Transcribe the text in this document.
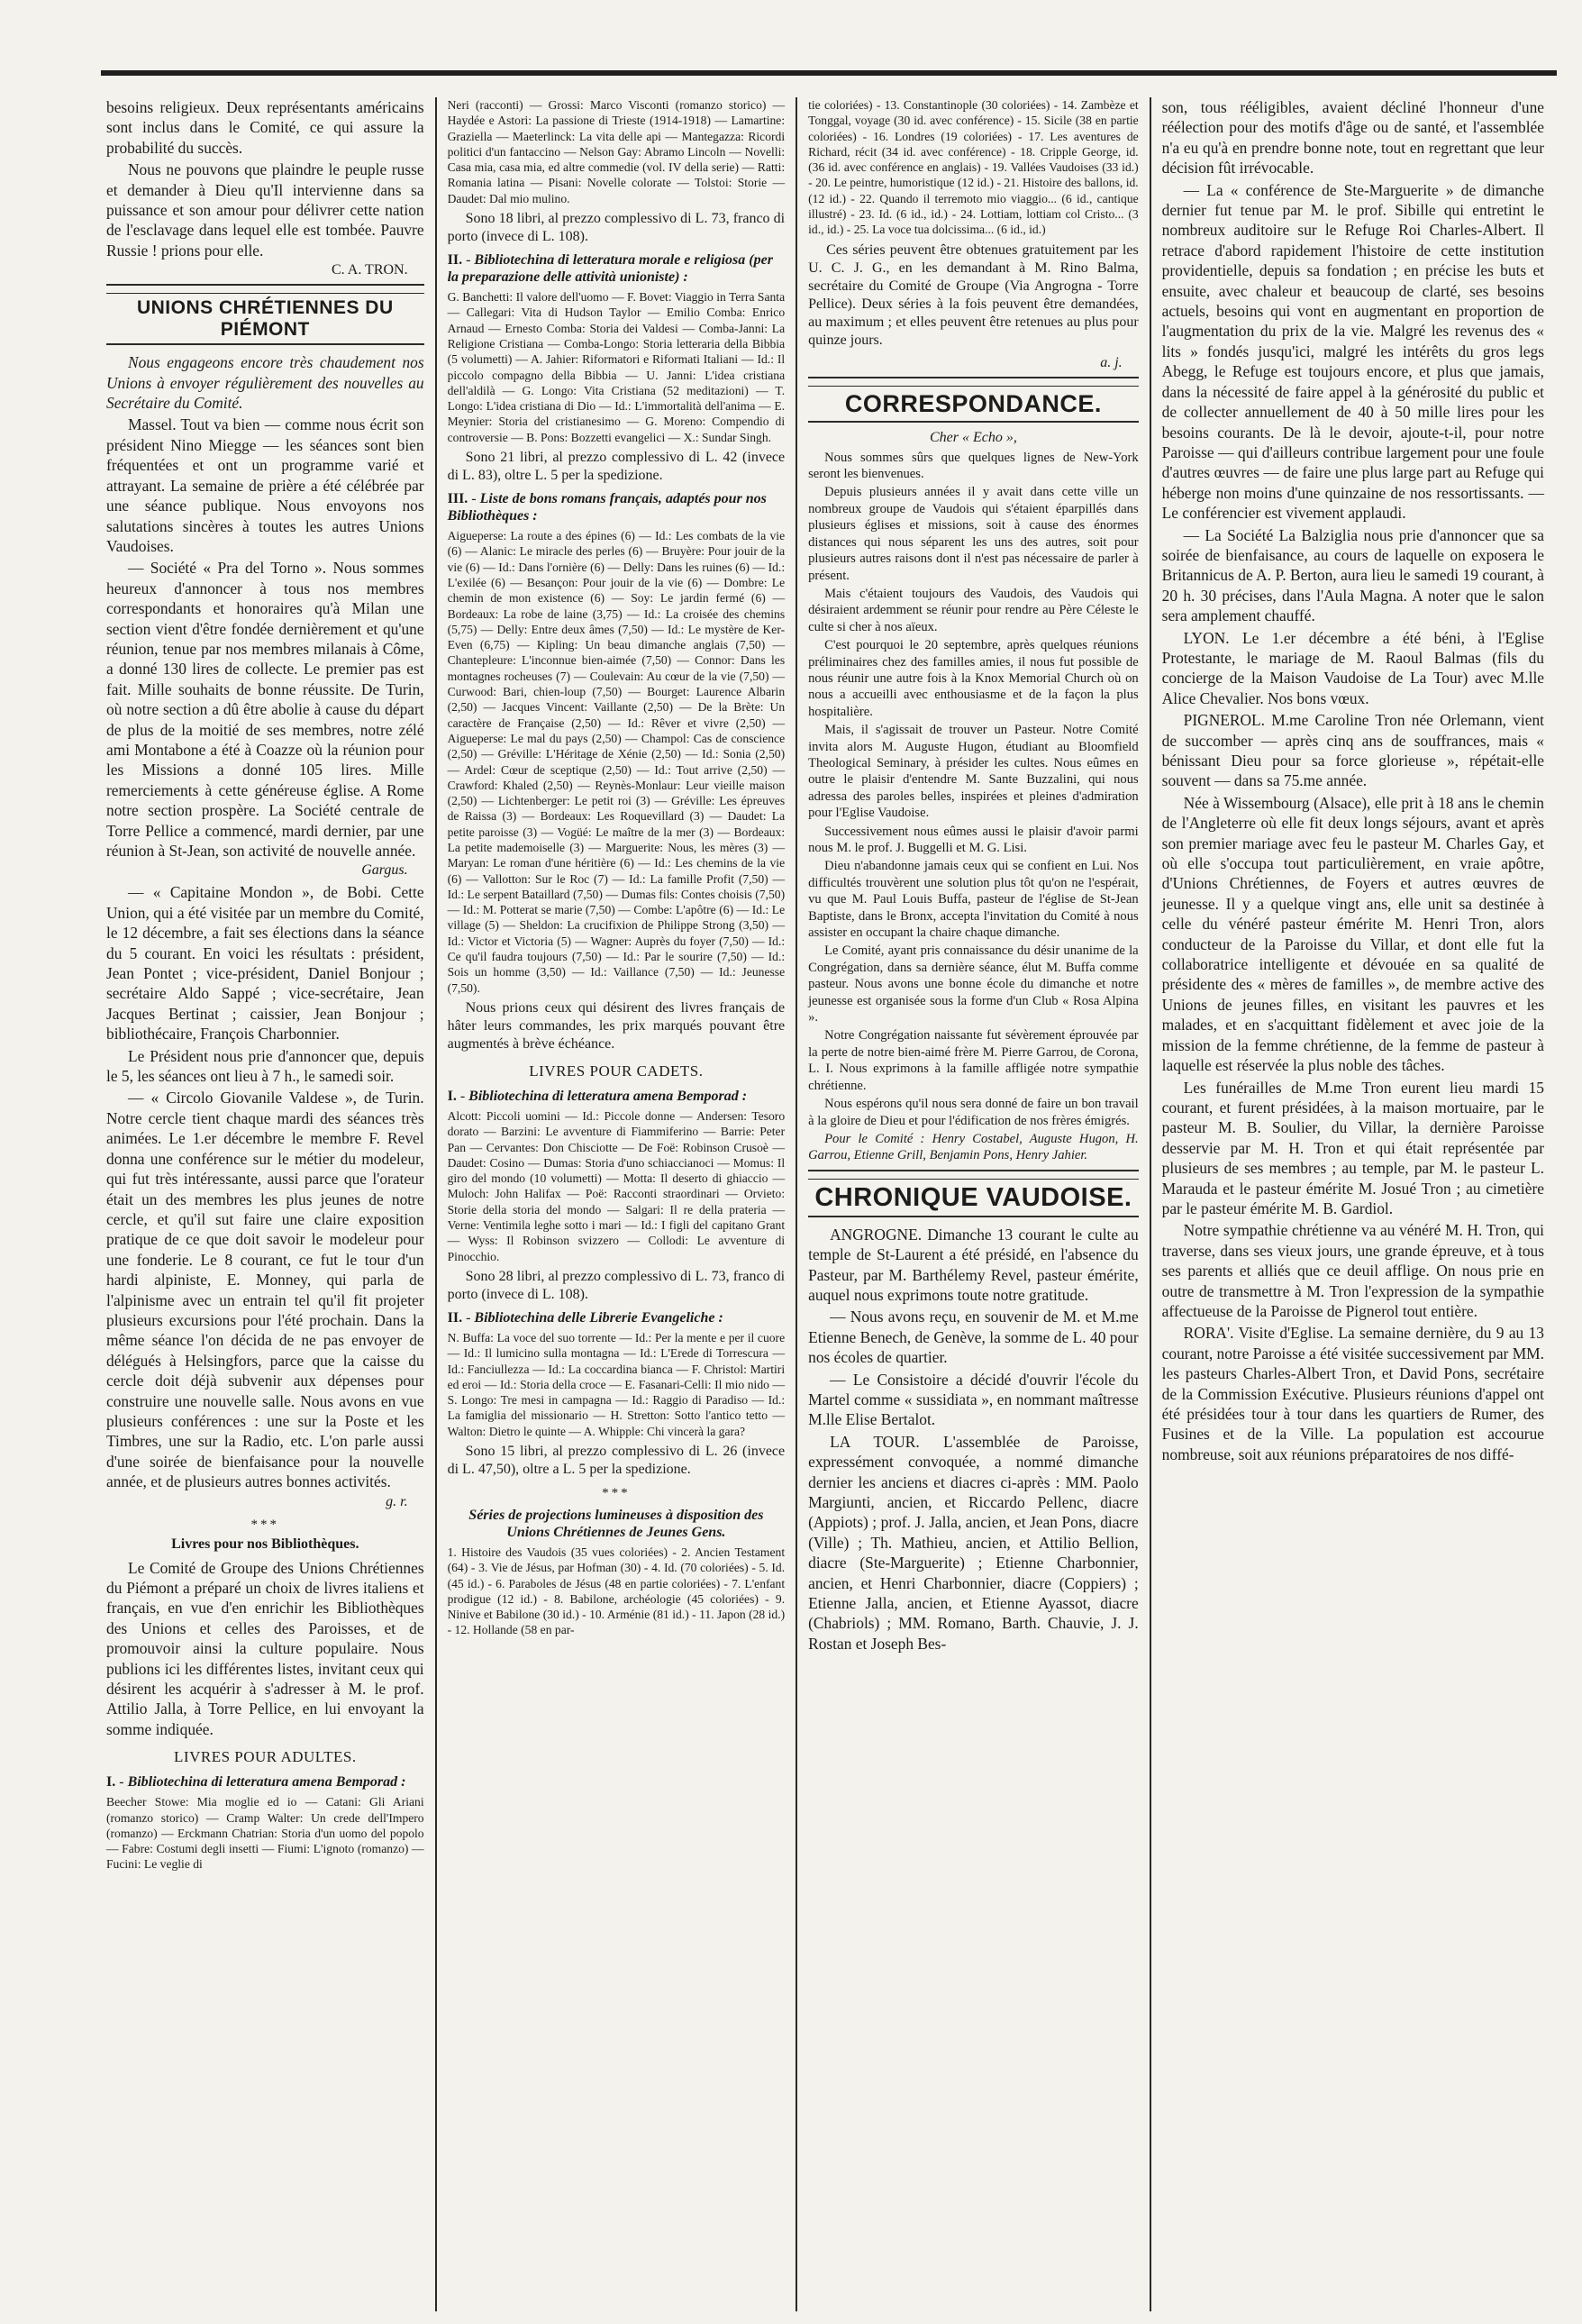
besoins religieux. Deux représentants américains sont inclus dans le Comité, ce qui assure la probabilité du succès.

Nous ne pouvons que plaindre le peuple russe et demander à Dieu qu'Il intervienne dans sa puissance et son amour pour délivrer cette nation de l'esclavage dans lequel elle est tombée. Pauvre Russie ! prions pour elle.

C. A. TRON.
UNIONS CHRÉTIENNES DU PIÉMONT

Nous engageons encore très chaudement nos Unions à envoyer régulièrement des nouvelles au Secrétaire du Comité.

Massel. Tout va bien — comme nous écrit son président Nino Miegge — les séances sont bien fréquentées et ont un programme varié et attrayant. La semaine de prière a été célébrée par une séance publique. Nous envoyons nos salutations sincères à toutes les autres Unions Vaudoises.

— Société « Pra del Torno ». Nous sommes heureux d'annoncer à tous nos membres correspondants et honoraires qu'à Milan une section vient d'être fondée dernièrement et qu'une réunion, tenue par nos membres milanais à Côme, a donné 130 lires de collecte. Le premier pas est fait. Mille souhaits de bonne réussite. De Turin, où notre section a dû être abolie à cause du départ de plus de la moitié de ses membres, notre zélé ami Montabone a été à Coazze où la réunion pour les Missions a donné 105 lires. Mille remerciements à cette généreuse église. A Rome notre section prospère. La Société centrale de Torre Pellice a commencé, mardi dernier, par une réunion à St-Jean, son activité de nouvelle année.

Gargus.

— « Capitaine Mondon », de Bobi. Cette Union, qui a été visitée par un membre du Comité, le 12 décembre, a fait ses élections dans la séance du 5 courant. En voici les résultats : président, Jean Pontet ; vice-président, Daniel Bonjour ; secrétaire Aldo Sappé ; vice-secrétaire, Jean Jacques Bertinat ; caissier, Jean Bonjour ; bibliothécaire, François Charbonnier.

Le Président nous prie d'annoncer que, depuis le 5, les séances ont lieu à 7 h., le samedi soir.

— « Circolo Giovanile Valdese », de Turin. Notre cercle tient chaque mardi des séances très animées. Le 1.er décembre le membre F. Revel donna une conférence sur le métier du modeleur, qui fut très intéressante, aussi parce que l'orateur était un des membres les plus jeunes de notre cercle, et qu'il sut faire une claire exposition pratique de ce que doit savoir le modeleur pour une fonderie. Le 8 courant, ce fut le tour d'un hardi alpiniste, E. Monney, qui parla de l'alpinisme avec un entrain tel qu'il fit projeter plusieurs excursions pour l'été prochain. Dans la même séance l'on décida de ne pas envoyer de délégués à Helsingfors, parce que la caisse du cercle doit déjà subvenir aux dépenses pour construire une nouvelle salle. Nous avons en vue plusieurs conférences : une sur la Poste et les Timbres, une sur la Radio, etc. L'on parle aussi d'une soirée de bienfaisance pour la nouvelle année, et de plusieurs autres bonnes activités.

g. r.
***
Livres pour nos Bibliothèques.

Le Comité de Groupe des Unions Chrétiennes du Piémont a préparé un choix de livres italiens et français, en vue d'en enrichir les Bibliothèques des Unions et celles des Paroisses, et de promouvoir ainsi la culture populaire. Nous publions ici les différentes listes, invitant ceux qui désirent les acquérir à s'adresser à M. le prof. Attilio Jalla, à Torre Pellice, en lui envoyant la somme indiquée.

LIVRES POUR ADULTES.
I. - Bibliotechina di letteratura amena Bemporad :

Beecher Stowe: Mia moglie ed io — Catani: Gli Ariani (romanzo storico) — Cramp Walter: Un crede dell'Impero (romanzo) — Erckmann Chatrian: Storia d'un uomo del popolo — Fabre: Costumi degli insetti — Fiumi: L'ignoto (romanzo) — Fucini: Le veglie di

Neri (racconti) — Grossi: Marco Visconti (romanzo storico) — Haydée e Astori: La passione di Trieste (1914-1918) — Lamartine: Graziella — Maeterlinck: La vita delle api — Mantegazza: Ricordi politici d'un fantaccino — Nelson Gay: Abramo Lincoln — Novelli: Casa mia, casa mia, ed altre commedie (vol. IV della serie) — Ratti: Romania latina — Pisani: Novelle colorate — Tolstoi: Storie — Daudet: Dal mio mulino.

Sono 18 libri, al prezzo complessivo di L. 73, franco di porto (invece di L. 108).

II. - Bibliotechina di letteratura morale e religiosa (per la preparazione delle attività unioniste) :

G. Banchetti: Il valore dell'uomo — F. Bovet: Viaggio in Terra Santa — Callegari: Vita di Hudson Taylor — Emilio Comba: Enrico Arnaud — Ernesto Comba: Storia dei Valdesi — Comba-Janni: La Religione Cristiana — Comba-Longo: Storia letteraria della Bibbia (5 volumetti) — A. Jahier: Riformatori e Riformati Italiani — Id.: Il piccolo compagno della Bibbia — U. Janni: L'idea cristiana dell'aldilà — G. Longo: Vita Cristiana (52 meditazioni) — T. Longo: L'idea cristiana di Dio — Id.: L'immortalità dell'anima — E. Meynier: Storia del cristianesimo — G. Moreno: Compendio di controversie — B. Pons: Bozzetti evangelici — X.: Sundar Singh.

Sono 21 libri, al prezzo complessivo di L. 42 (invece di L. 83), oltre L. 5 per la spedizione.

III. - Liste de bons romans français, adaptés pour nos Bibliothèques :

Aigueperse: La route a des épines (6) — Id.: Les combats de la vie (6) — Alanic: Le miracle des perles (6) — Bruyère: Pour jouir de la vie (6) — Id.: Dans l'ornière (6) — Delly: Dans les ruines (6) — Id.: L'exilée (6) — Besançon: Pour jouir de la vie (6) — Dombre: Le chemin de mon existence (6) — Soy: Le jardin fermé (6) — Bordeaux: La robe de laine (3,75) — Id.: La croisée des chemins (5,75) — Delly: Entre deux âmes (7,50) — Id.: Le mystère de Ker-Even (6,75) — Kipling: Un beau dimanche anglais (7,50) — Chantepleure: L'inconnue bien-aimée (7,50) — Connor: Dans les montagnes rocheuses (7) — Coulevain: Au cœur de la vie (7,50) — Curwood: Bari, chien-loup (7,50) — Bourget: Laurence Albarin (2,50) — Jacques Vincent: Vaillante (2,50) — De la Brète: Un caractère de Française (2,50) — Id.: Rêver et vivre (2,50) — Aigueperse: Le mal du pays (2,50) — Champol: Cas de conscience (2,50) — Gréville: L'Héritage de Xénie (2,50) — Id.: Sonia (2,50) — Ardel: Cœur de sceptique (2,50) — Id.: Tout arrive (2,50) — Crawford: Khaled (2,50) — Reynès-Monlaur: Leur vieille maison (2,50) — Lichtenberger: Le petit roi (3) — Gréville: Les épreuves de Raissa (3) — Bordeaux: Les Roquevillard (3) — Daudet: La petite paroisse (3) — Vogüé: Le maître de la mer (3) — Bordeaux: La petite mademoiselle (3) — Marguerite: Nous, les mères (3) — Maryan: Le roman d'une héritière (6) — Id.: Les chemins de la vie (6) — Vallotton: Sur le Roc (7) — Id.: La famille Profit (7,50) — Id.: Le serpent Bataillard (7,50) — Dumas fils: Contes choisis (7,50) — Id.: M. Potterat se marie (7,50) — Combe: L'apôtre (6) — Id.: Le village (5) — Sheldon: La crucifixion de Philippe Strong (3,50) — Id.: Victor et Victoria (5) — Wagner: Auprès du foyer (7,50) — Id.: Ce qu'il faudra toujours (7,50) — Id.: Par le sourire (7,50) — Id.: Sois un homme (3,50) — Id.: Vaillance (7,50) — Id.: Jeunesse (7,50).

Nous prions ceux qui désirent des livres français de hâter leurs commandes, les prix marqués pouvant être augmentés à brève échéance.

LIVRES POUR CADETS.
I. - Bibliotechina di letteratura amena Bemporad :

Alcott: Piccoli uomini — Id.: Piccole donne — Andersen: Tesoro dorato — Barzini: Le avventure di Fiammiferino — Barrie: Peter Pan — Cervantes: Don Chisciotte — De Foë: Robinson Crusoè — Daudet: Cosino — Dumas: Storia d'uno schiaccianoci — Momus: Il giro del mondo (10 volumetti) — Motta: Il deserto di ghiaccio — Muloch: John Halifax — Poë: Racconti straordinari — Orvieto: Storie della storia del mondo — Salgari: Il re della prateria — Verne: Ventimila leghe sotto i mari — Id.: I figli del capitano Grant — Wyss: Il Robinson svizzero — Collodi: Le avventure di Pinocchio.

Sono 28 libri, al prezzo complessivo di L. 73, franco di porto (invece di L. 108).

II. - Bibliotechina delle Librerie Evangeliche :

N. Buffa: La voce del suo torrente — Id.: Per la mente e per il cuore — Id.: Il lumicino sulla montagna — Id.: L'Erede di Torrescura — Id.: Fanciullezza — Id.: La coccardina bianca — F. Christol: Martiri ed eroi — Id.: Storia della croce — E. Fasanari-Celli: Il mio nido — S. Longo: Tre mesi in campagna — Id.: Raggio di Paradiso — Id.: La famiglia del missionario — H. Stretton: Sotto l'antico tetto — Walton: Dietro le quinte — A. Whipple: Chi vincerà la gara?

Sono 15 libri, al prezzo complessivo di L. 26 (invece di L. 47,50), oltre a L. 5 per la spedizione.

***
Séries de projections lumineuses à disposition des Unions Chrétiennes de Jeunes Gens.

1. Histoire des Vaudois (35 vues coloriées) - 2. Ancien Testament (64) - 3. Vie de Jésus, par Hofman (30) - 4. Id. (70 coloriées) - 5. Id. (45 id.) - 6. Paraboles de Jésus (48 en partie coloriées) - 7. L'enfant prodigue (12 id.) - 8. Babilone, archéologie (45 coloriées) - 9. Ninive et Babilone (30 id.) - 10. Arménie (81 id.) - 11. Japon (28 id.) - 12. Hollande (58 en par-

tie coloriées) - 13. Constantinople (30 coloriées) - 14. Zambèze et Tonggal, voyage (30 id. avec conférence) - 15. Sicile (38 en partie coloriées) - 16. Londres (19 coloriées) - 17. Les aventures de Richard, récit (34 id. avec conférence) - 18. Cripple George, id. (36 id. avec conférence en anglais) - 19. Vallées Vaudoises (33 id.) - 20. Le peintre, humoristique (12 id.) - 21. Histoire des ballons, id. (12 id.) - 22. Quando il terremoto mio viaggio... (6 id., cantique illustré) - 23. Id. (6 id., id.) - 24. Lottiam, lottiam col Cristo... (3 id., id.) - 25. La voce tua dolcissima... (6 id., id.)

Ces séries peuvent être obtenues gratuitement par les U. C. J. G., en les demandant à M. Rino Balma, secrétaire du Comité de Groupe (Via Angrogna - Torre Pellice). Deux séries à la fois peuvent être demandées, au maximum ; et elles peuvent être retenues au plus pour quinze jours.

a. j.
CORRESPONDANCE.
Cher « Echo »,

Nous sommes sûrs que quelques lignes de New-York seront les bienvenues.

Depuis plusieurs années il y avait dans cette ville un nombreux groupe de Vaudois qui s'étaient éparpillés dans plusieurs églises et missions, soit à cause des énormes distances qui nous séparent les uns des autres, soit pour plusieurs autres raisons dont il n'est pas nécessaire de parler à présent.

Mais c'étaient toujours des Vaudois, des Vaudois qui désiraient ardemment se réunir pour rendre au Père Céleste le culte si cher à nos aïeux.

C'est pourquoi le 20 septembre, après quelques réunions préliminaires chez des familles amies, il nous fut possible de nous réunir une autre fois à la Knox Memorial Church où on nous a accueilli avec enthousiasme et de la façon la plus hospitalière.

Mais, il s'agissait de trouver un Pasteur. Notre Comité invita alors M. Auguste Hugon, étudiant au Bloomfield Theological Seminary, à présider les cultes. Nous eûmes en outre le plaisir d'entendre M. Sante Buzzalini, qui nous adressa des paroles belles, inspirées et pleines d'admiration pour l'Eglise Vaudoise.

Successivement nous eûmes aussi le plaisir d'avoir parmi nous M. le prof. J. Buggelli et M. G. Lisi.

Dieu n'abandonne jamais ceux qui se confient en Lui. Nos difficultés trouvèrent une solution plus tôt qu'on ne l'espérait, vu que M. Paul Louis Buffa, pasteur de l'église de St-Jean Baptiste, dans le Bronx, accepta l'invitation du Comité à nous assister en occupant la chaire chaque dimanche.

Le Comité, ayant pris connaissance du désir unanime de la Congrégation, dans sa dernière séance, élut M. Buffa comme pasteur. Nous avons une bonne école du dimanche et notre jeunesse est organisée sous la forme d'un Club « Rosa Alpina ».

Notre Congrégation naissante fut sévèrement éprouvée par la perte de notre bien-aimé frère M. Pierre Garrou, de Corona, L. I. Nous exprimons à la famille affligée notre sympathie chrétienne.

Nous espérons qu'il nous sera donné de faire un bon travail à la gloire de Dieu et pour l'édification de nos frères émigrés.

Pour le Comité : Henry Costabel, Auguste Hugon, H. Garrou, Etienne Grill, Benjamin Pons, Henry Jahier.

CHRONIQUE VAUDOISE.

ANGROGNE. Dimanche 13 courant le culte au temple de St-Laurent a été présidé, en l'absence du Pasteur, par M. Barthélemy Revel, pasteur émérite, auquel nous exprimons toute notre gratitude.

— Nous avons reçu, en souvenir de M. et M.me Etienne Benech, de Genève, la somme de L. 40 pour nos écoles de quartier.

— Le Consistoire a décidé d'ouvrir l'école du Martel comme « sussidiata », en nommant maîtresse M.lle Elise Bertalot.

LA TOUR. L'assemblée de Paroisse, expressément convoquée, a nommé dimanche dernier les anciens et diacres ci-après : MM. Paolo Margiunti, ancien, et Riccardo Pellenc, diacre (Appiots) ; prof. J. Jalla, ancien, et Jean Pons, diacre (Ville) ; Th. Mathieu, ancien, et Attilio Bellion, diacre (Ste-Marguerite) ; Etienne Charbonnier, ancien, et Henri Charbonnier, diacre (Coppiers) ; Etienne Jalla, ancien, et Etienne Ayassot, diacre (Chabriols) ; MM. Romano, Barth. Chauvie, J. J. Rostan et Joseph Bes-

son, tous rééligibles, avaient décliné l'honneur d'une réélection pour des motifs d'âge ou de santé, et l'assemblée n'a eu qu'à en prendre bonne note, tout en regrettant que leur décision fût irrévocable.

— La « conférence de Ste-Marguerite » de dimanche dernier fut tenue par M. le prof. Sibille qui entretint le nombreux auditoire sur le Refuge Roi Charles-Albert. Il retrace d'abord rapidement l'histoire de cette institution providentielle, depuis sa fondation ; en précise les buts et ensuite, avec chaleur et beaucoup de clarté, ses besoins actuels, besoins qui vont en augmentant en proportion de l'augmentation du prix de la vie. Malgré les revenus des « lits » fondés jusqu'ici, malgré les intérêts du gros legs Abegg, le Refuge est toujours encore, et plus que jamais, dans la nécessité de faire appel à la générosité du public et de collecter annuellement de 40 à 50 mille lires pour les besoins courants. De là le devoir, ajoute-t-il, pour notre Paroisse — qui d'ailleurs contribue largement pour une foule d'autres œuvres — de faire une plus large part au Refuge qui héberge non moins d'une quinzaine de nos ressortissants. — Le conférencier est vivement applaudi.

— La Société La Balziglia nous prie d'annoncer que sa soirée de bienfaisance, au cours de laquelle on exposera le Britannicus de A. P. Berton, aura lieu le samedi 19 courant, à 20 h. 30 précises, dans l'Aula Magna. A noter que le salon sera amplement chauffé.

LYON. Le 1.er décembre a été béni, à l'Eglise Protestante, le mariage de M. Raoul Balmas (fils du concierge de la Maison Vaudoise de La Tour) avec M.lle Alice Chevalier. Nos bons vœux.

PIGNEROL. M.me Caroline Tron née Orlemann, vient de succomber — après cinq ans de souffrances, mais « bénissant Dieu pour sa force glorieuse », répétait-elle souvent — dans sa 75.me année.

Née à Wissembourg (Alsace), elle prit à 18 ans le chemin de l'Angleterre où elle fit deux longs séjours, avant et après son premier mariage avec feu le pasteur M. Charles Gay, et où elle s'occupa tout particulièrement, en vraie apôtre, d'Unions Chrétiennes, de Foyers et autres œuvres de jeunesse. Il y a quelque vingt ans, elle unit sa destinée à celle du vénéré pasteur émérite M. Henri Tron, alors conducteur de la Paroisse du Villar, et dont elle fut la collaboratrice intelligente et dévouée en sa qualité de présidente des « mères de familles », de membre active des Unions de jeunes filles, en visitant les pauvres et les malades, et en s'acquittant fidèlement et avec joie de la mission de la femme chrétienne, de la femme de pasteur à laquelle est réservée la plus noble des tâches.

Les funérailles de M.me Tron eurent lieu mardi 15 courant, et furent présidées, à la maison mortuaire, par le pasteur M. B. Soulier, du Villar, la dernière Paroisse desservie par M. H. Tron et qui était représentée par plusieurs de ses membres ; au temple, par M. le pasteur L. Marauda et le pasteur émérite M. Josué Tron ; au cimetière par le pasteur émérite M. B. Gardiol.

Notre sympathie chrétienne va au vénéré M. H. Tron, qui traverse, dans ses vieux jours, une grande épreuve, et à tous ses parents et alliés que ce deuil afflige. On nous prie en outre de transmettre à M. Tron l'expression de la sympathie affectueuse de la Paroisse de Pignerol tout entière.

RORA'. Visite d'Eglise. La semaine dernière, du 9 au 13 courant, notre Paroisse a été visitée successivement par MM. les pasteurs Charles-Albert Tron, et David Pons, secrétaire de la Commission Exécutive. Plusieurs réunions d'appel ont été présidées tour à tour dans les quartiers de Rumer, des Fusines et de la Ville. La population est accourue nombreuse, soit aux réunions préparatoires de nos diffé-
